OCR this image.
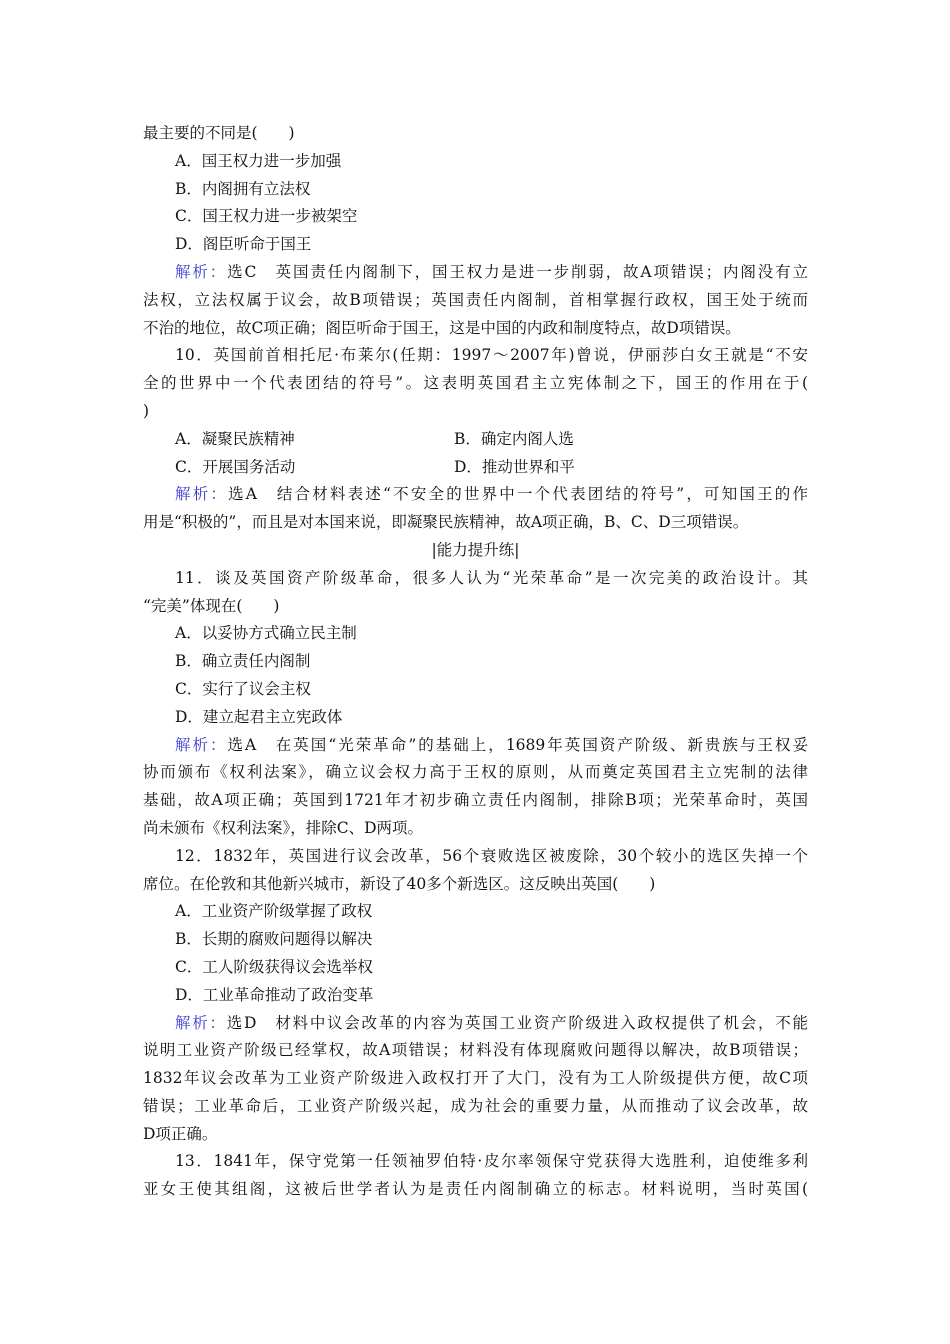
最主要的不同是(　　)
A．国王权力进一步加强
B．内阁拥有立法权
C．国王权力进一步被架空
D．阁臣听命于国王
解析：选C　英国责任内阁制下，国王权力是进一步削弱，故A项错误；内阁没有立
法权，立法权属于议会，故B项错误；英国责任内阁制，首相掌握行政权，国王处于统而
不治的地位，故C项正确；阁臣听命于国王，这是中国的内政和制度特点，故D项错误。
10．英国前首相托尼·布莱尔(任期：1997～2007年)曾说，伊丽莎白女王就是“不安
全的世界中一个代表团结的符号”。这表明英国君主立宪体制之下，国王的作用在于(
)
A．凝聚民族精神	B．确定内阁人选
C．开展国务活动	D．推动世界和平
解析：选A　结合材料表述“不安全的世界中一个代表团结的符号”，可知国王的作
用是“积极的”，而且是对本国来说，即凝聚民族精神，故A项正确，B、C、D三项错误。
|能力提升练|
11．谈及英国资产阶级革命，很多人认为“光荣革命”是一次完美的政治设计。其
“完美”体现在(　　)
A．以妥协方式确立民主制
B．确立责任内阁制
C．实行了议会主权
D．建立起君主立宪政体
解析：选A　在英国“光荣革命”的基础上，1689年英国资产阶级、新贵族与王权妥
协而颁布《权利法案》，确立议会权力高于王权的原则，从而奠定英国君主立宪制的法律
基础，故A项正确；英国到1721年才初步确立责任内阁制，排除B项；光荣革命时，英国
尚未颁布《权利法案》，排除C、D两项。
12．1832年，英国进行议会改革，56个衰败选区被废除，30个较小的选区失掉一个
席位。在伦敦和其他新兴城市，新设了40多个新选区。这反映出英国(　　)
A．工业资产阶级掌握了政权
B．长期的腐败问题得以解决
C．工人阶级获得议会选举权
D．工业革命推动了政治变革
解析：选D　材料中议会改革的内容为英国工业资产阶级进入政权提供了机会，不能
说明工业资产阶级已经掌权，故A项错误；材料没有体现腐败问题得以解决，故B项错误；
1832年议会改革为工业资产阶级进入政权打开了大门，没有为工人阶级提供方便，故C项
错误；工业革命后，工业资产阶级兴起，成为社会的重要力量，从而推动了议会改革，故
D项正确。
13．1841年，保守党第一任领袖罗伯特·皮尔率领保守党获得大选胜利，迫使维多利
亚女王使其组阁，这被后世学者认为是责任内阁制确立的标志。材料说明，当时英国(
